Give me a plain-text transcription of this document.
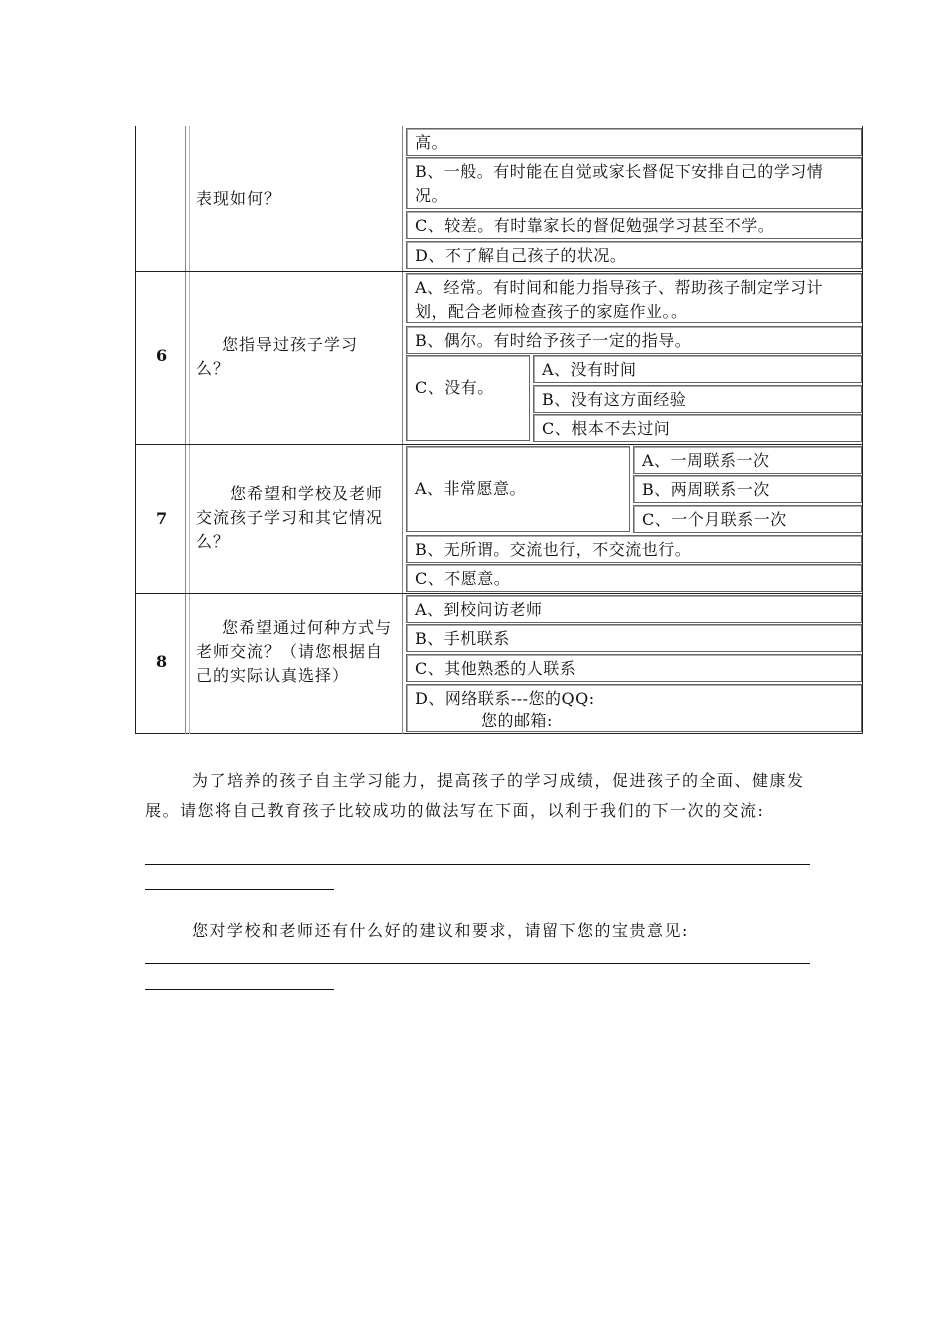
表现如何？
高。
B、一般。有时能在自觉或家长督促下安排自己的学习情况。
C、较差。有时靠家长的督促勉强学习甚至不学。
D、不了解自己孩子的状况。
6
您指导过孩子学习么？
A、经常。有时间和能力指导孩子、帮助孩子制定学习计划，配合老师检查孩子的家庭作业。。
B、偶尔。有时给予孩子一定的指导。
C、没有。
A、没有时间
B、没有这方面经验
C、根本不去过问
7
您希望和学校及老师交流孩子学习和其它情况么？
A、非常愿意。
A、一周联系一次
B、两周联系一次
C、一个月联系一次
B、无所谓。交流也行，不交流也行。
C、不愿意。
8
您希望通过何种方式与老师交流？（请您根据自己的实际认真选择）
A、到校问访老师
B、手机联系
C、其他熟悉的人联系
D、网络联系---您的QQ:
您的邮箱:
为了培养的孩子自主学习能力，提高孩子的学习成绩，促进孩子的全面、健康发展。请您将自己教育孩子比较成功的做法写在下面，以利于我们的下一次的交流:
您对学校和老师还有什么好的建议和要求，请留下您的宝贵意见:
